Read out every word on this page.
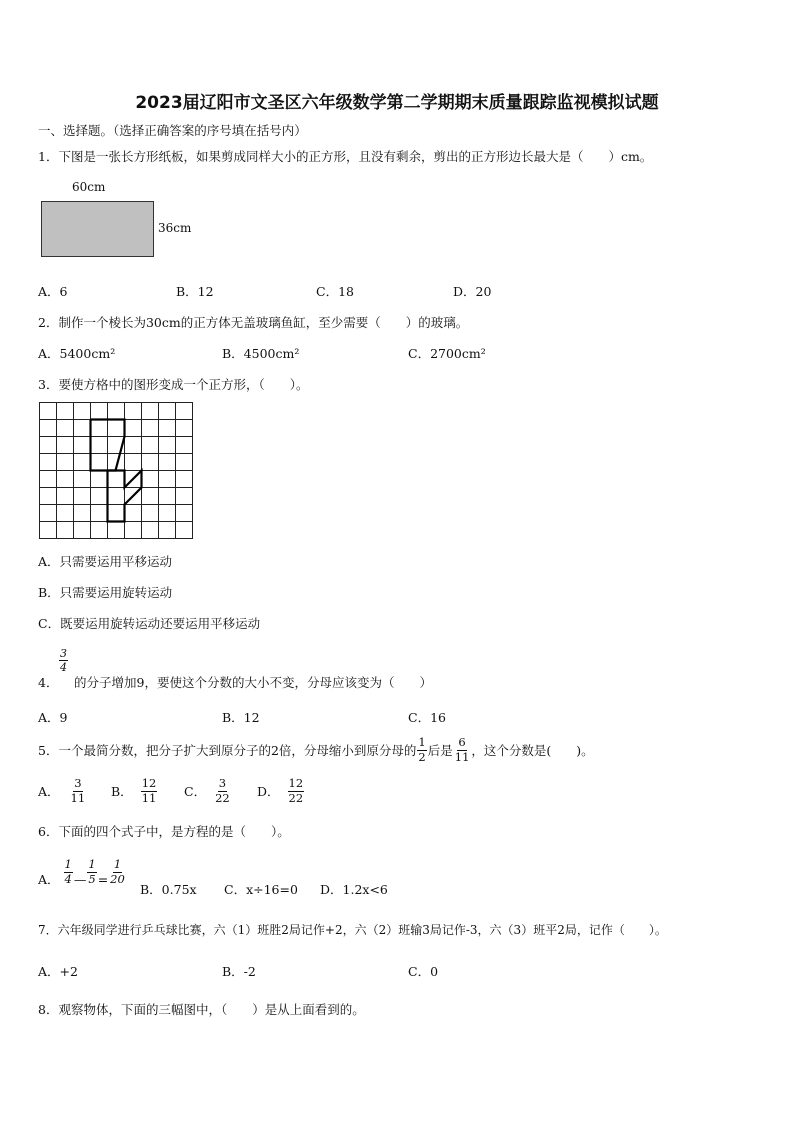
2023届辽阳市文圣区六年级数学第二学期期末质量跟踪监视模拟试题
一、选择题。（选择正确答案的序号填在括号内）
1．下图是一张长方形纸板，如果剪成同样大小的正方形，且没有剩余，剪出的正方形边长最大是（　　）cm。
60cm
36cm
A．6	B．12	C．18	D．20
2．制作一个棱长为30cm的正方体无盖玻璃鱼缸，至少需要（　　）的玻璃。
A．5400cm²	B．4500cm²	C．2700cm²
3．要使方格中的图形变成一个正方形，（　　）。
A．只需要运用平移运动
B．只需要运用旋转运动
C．既要运用旋转运动还要运用平移运动
4．
$\frac{3}{4}$
的分子增加9，要使这个分数的大小不变，分母应该变为（　　）
A．9	B．12	C．16
5．一个最简分数，把分子扩大到原分子的2倍，分母缩小到原分母的 $\frac{1}{2}$ 后是 $\frac{6}{11}$ ，这个分数是(　　)。
A． $\frac{3}{11}$ B． $\frac{12}{11}$ C． $\frac{3}{22}$ D． $\frac{12}{22}$
6．下面的四个式子中，是方程的是（　　）。
A． $\frac{1}{4}$ — $\frac{1}{5} = \frac{1}{20}$
B．0.75x C．x÷16=0 D．1.2x<6
7．六年级同学进行乒乓球比赛，六（1）班胜2局记作+2，六（2）班输3局记作-3，六（3）班平2局，记作（　　）。
A．+2	B．-2	C．0
8．观察物体，下面的三幅图中，（　　）是从上面看到的。
